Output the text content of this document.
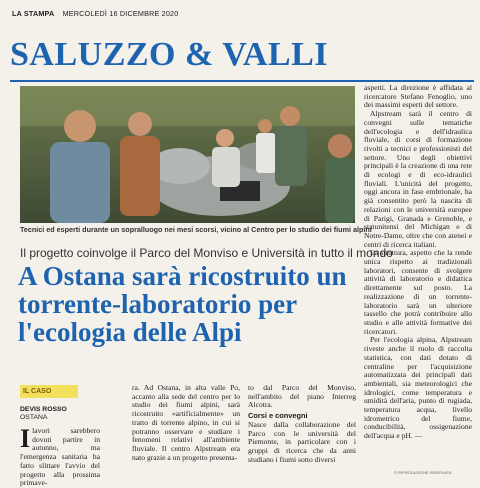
LA STAMPA MERCOLEDÌ 16 DICEMBRE 2020
SALUZZO & VALLI
Tecnici ed esperti durante un sopralluogo nei mesi scorsi, vicino al Centro per lo studio dei fiumi alpini
Il progetto coinvolge il Parco del Monviso e Università in tutto il mondo
A Ostana sarà ricostruito un torrente-laboratorio per l'ecologia delle Alpi
IL CASO
DEVIS ROSSO
OSTANA
I lavori sarebbero dovuti partire in autunno, ma l'emergenza sanitaria ha fatto slittare l'avvio del progetto alla prossima primave-

ra. Ad Ostana, in alta valle Po, accanto alla sede del centro per lo studio dei fiumi alpini, sarà ricostruito «artificialmente» un tratto di torrente alpino, in cui si potranno osservare e studiare i fenomeni relativi all'ambiente fluviale. Il centro Alpstream era nato grazie a un progetto presenta-

to dal Parco del Monviso, nell'ambito del piano Interreg Alcotra.

Corsi e convegni

Nasce dalla collaborazione del Parco con le università del Piemonte, in particolare con i gruppi di ricerca che da anni studiano i fiumi sotto diversi

aspetti. La direzione è affidata al ricercatore Stefano Fenoglio, uno dei massimi esperti del settore.

Alpstream sarà il centro di convegni sulle tematiche dell'ecologia e dell'idraulica fluviale, di corsi di formazione rivolti a tecnici e professionisti del settore. Uno degli obiettivi principali è la creazione di una rete di ecologi e di eco-idraulici fluviali. L'unicità del progetto, oggi ancora in fase embrionale, ha già consentito però la nascita di relazioni con le università europee di Parigi, Granada e Grenoble, e statunitensi del Michigan e di Notre-Dame, oltre che con atenei e centri di ricerca italiani.

La struttura, aspetto che la rende unica rispetto ai tradizionali laboratori, consente di svolgere attività di laboratorio e didattica direttamente sul posto. La realizzazione di un torrente-laboratorio sarà un ulteriore tassello che potrà contribuire allo studio e alle attività formative dei ricercatori.

Per l'ecologia alpina, Alpstream riveste anche il ruolo di raccolta statistica, con dati dotato di centraline per l'acquisizione automatizzata dei principali dati ambientali, sia meteorologici che idrologici, come temperatura e umidità dell'aria, punto di rugiada, temperatura acqua, livello idrometrico del fiume, conducibilità, ossigenazione dell'acqua e pH. —

© RIPRODUZIONE RISERVATA
